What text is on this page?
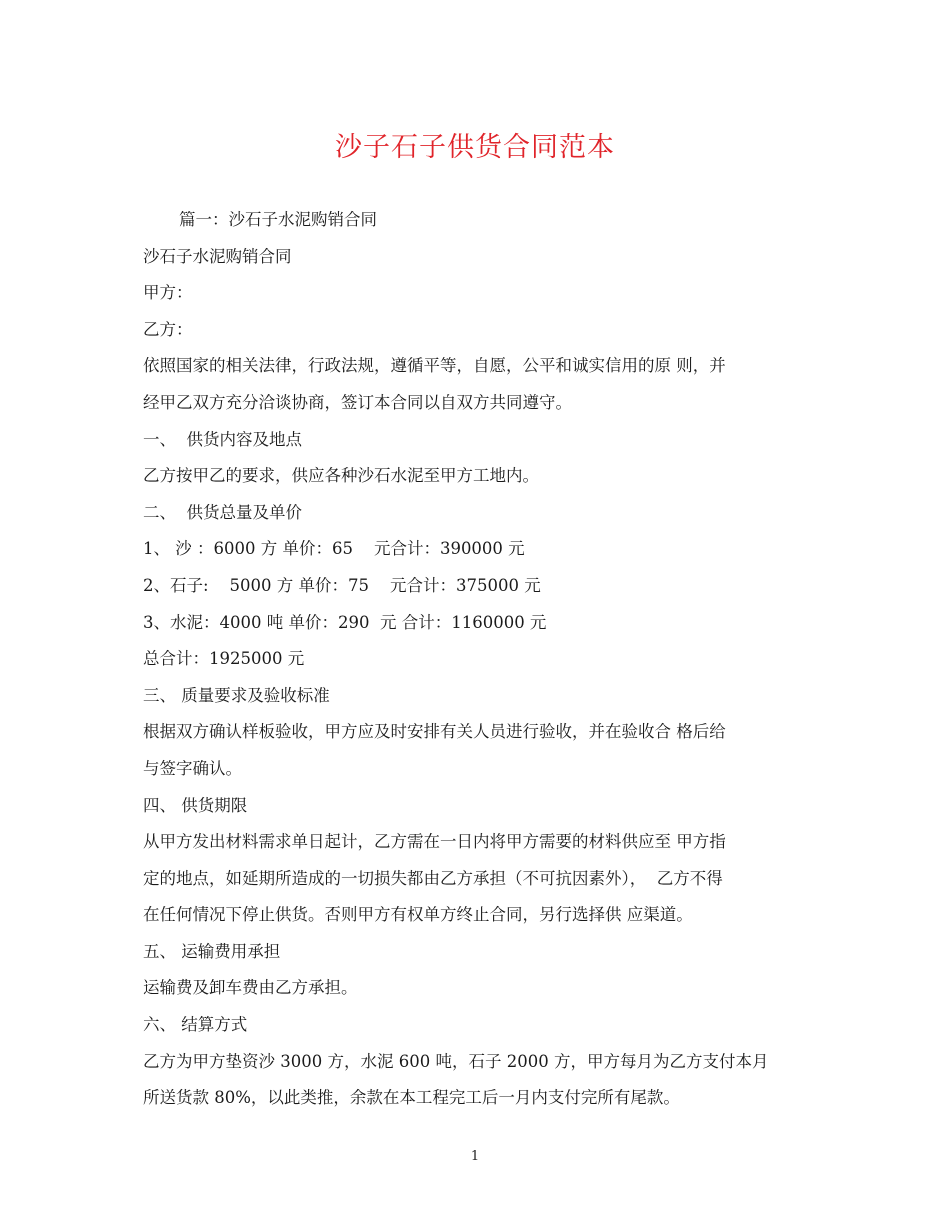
沙子石子供货合同范本

篇一：沙石子水泥购销合同

沙石子水泥购销合同

甲方：

乙方：

依照国家的相关法律，行政法规，遵循平等，自愿，公平和诚实信用的原 则，并

经甲乙双方充分洽谈协商，签订本合同以自双方共同遵守。

一、  供货内容及地点

乙方按甲乙的要求，供应各种沙石水泥至甲方工地内。

二、  供货总量及单价

1、 沙 ：6000 方 单价：65    元合计：390000 元

2、石子:    5000 方 单价：75    元合计：375000 元

3、水泥：4000 吨 单价：290  元 合计：1160000 元

总合计：1925000 元

三、 质量要求及验收标准

根据双方确认样板验收，甲方应及时安排有关人员进行验收，并在验收合 格后给

与签字确认。

四、 供货期限

从甲方发出材料需求单日起计，乙方需在一日内将甲方需要的材料供应至 甲方指

定的地点，如延期所造成的一切损失都由乙方承担（不可抗因素外），  乙方不得

在任何情况下停止供货。否则甲方有权单方终止合同，另行选择供 应渠道。

五、 运输费用承担

运输费及卸车费由乙方承担。

六、 结算方式

乙方为甲方垫资沙 3000 方，水泥 600 吨，石子 2000 方，甲方每月为乙方支付本月

所送货款 80%，以此类推，余款在本工程完工后一月内支付完所有尾款。

1
